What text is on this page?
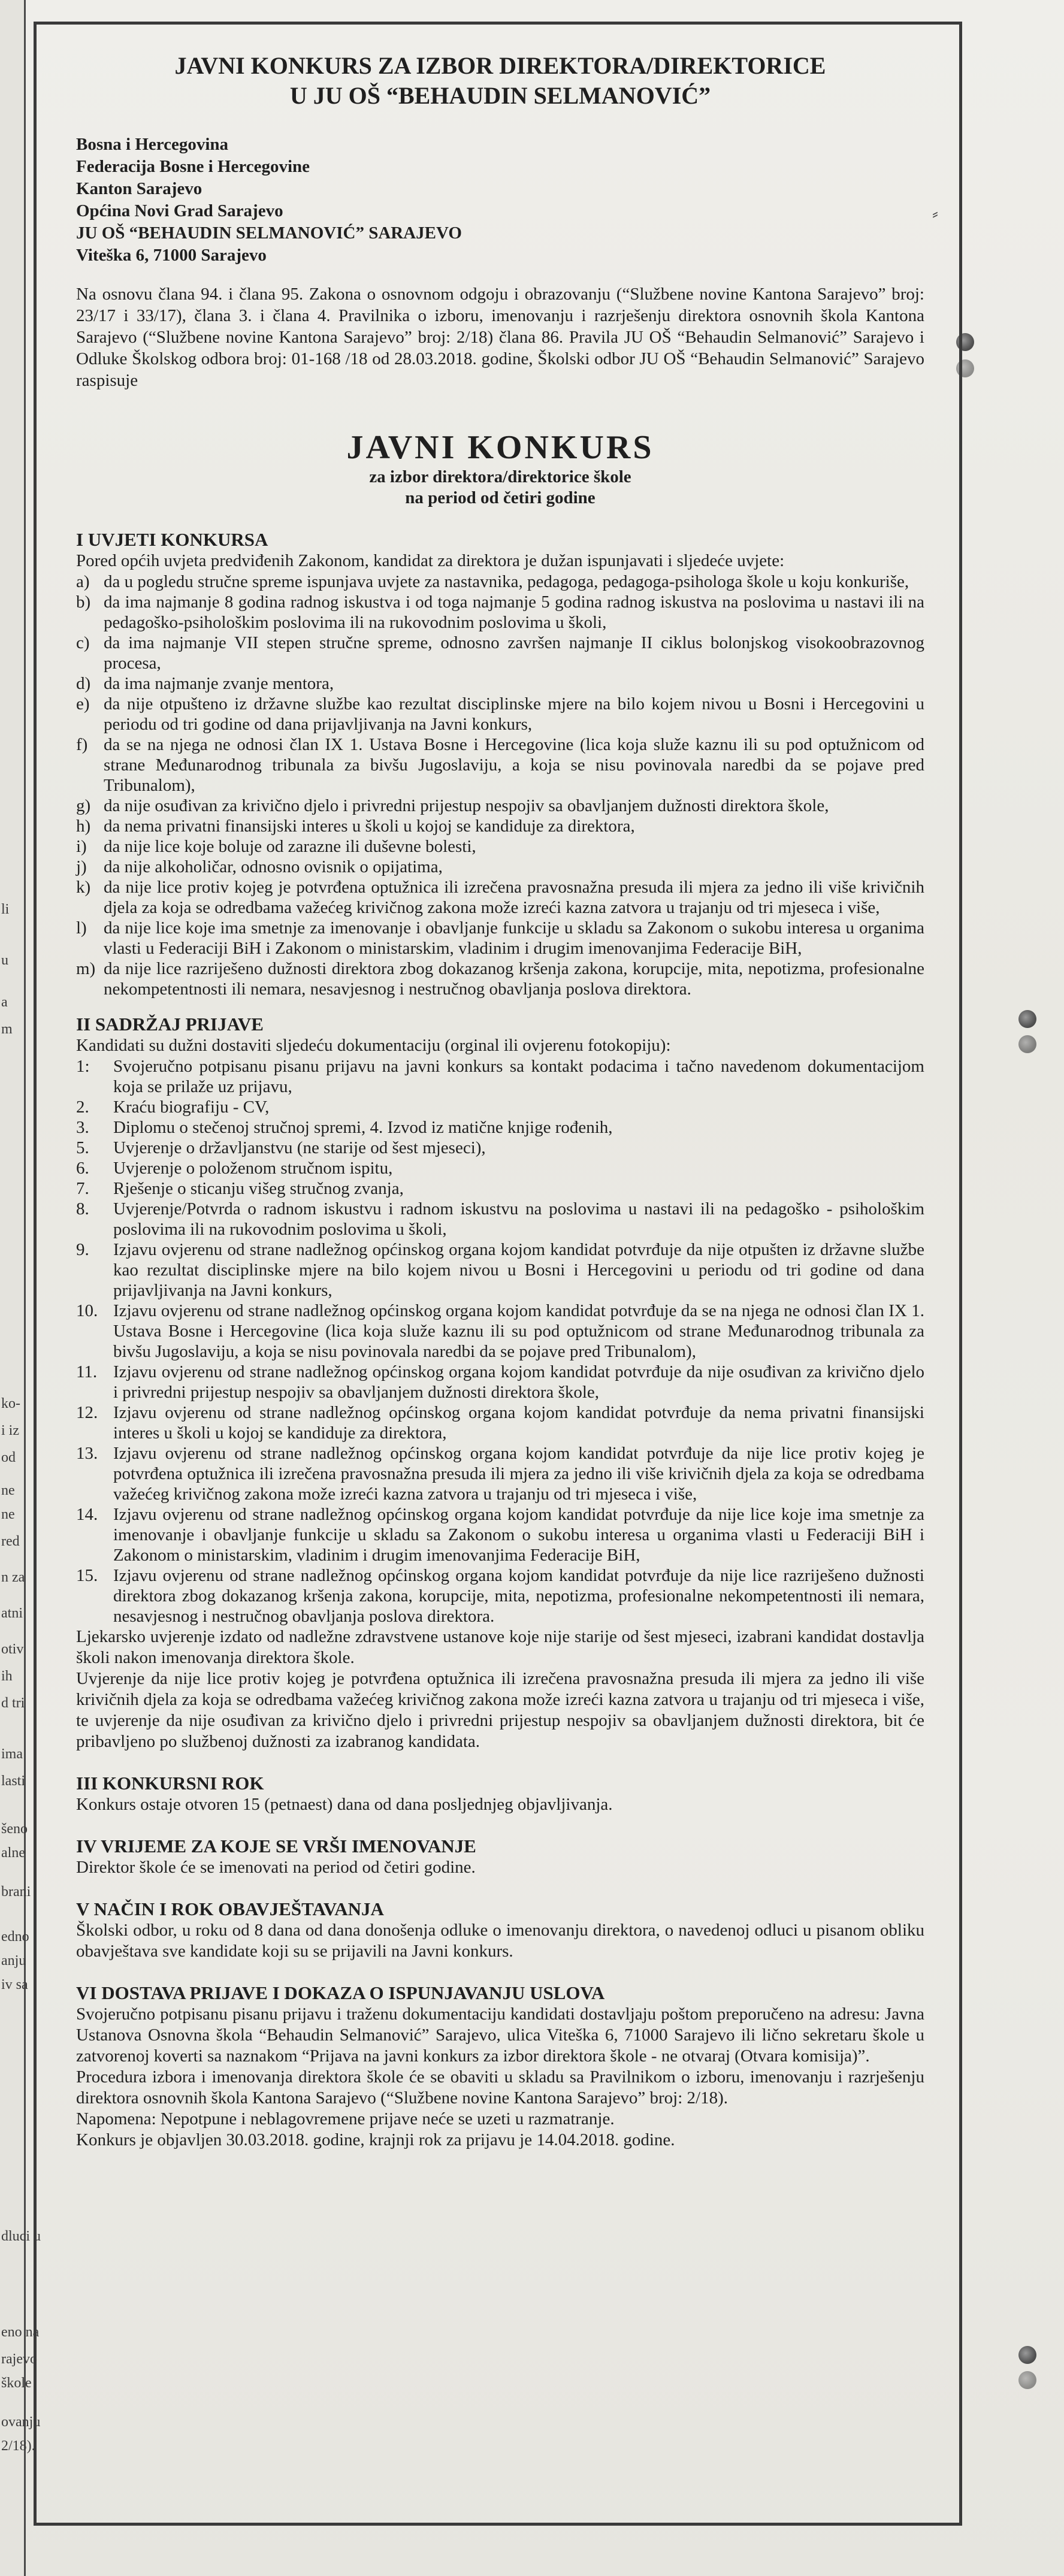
li
u
a
m
ko-
i iz
od
ne
ne
red
n za
atni
otiv
ih
d tri
ima
lasti
šeno
alne
brani
edno
anju
iv sa
dluci u
eno na
rajevo
škole
ovanju
2/18).
⸗
JAVNI KONKURS ZA IZBOR DIREKTORA/DIREKTORICE
U JU OŠ “BEHAUDIN SELMANOVIĆ”
Bosna i Hercegovina
Federacija Bosne i Hercegovine
Kanton Sarajevo
Općina Novi Grad Sarajevo
JU OŠ “BEHAUDIN SELMANOVIĆ” SARAJEVO
Viteška 6, 71000 Sarajevo
Na osnovu člana 94. i člana 95. Zakona o osnovnom odgoju i obrazovanju (“Službene novine Kantona Sarajevo” broj: 23/17 i 33/17), člana 3. i člana 4. Pravilnika o izboru, imenovanju i razrješenju direktora osnovnih škola Kantona Sarajevo (“Službene novine Kantona Sarajevo” broj: 2/18) člana 86. Pravila JU OŠ “Behaudin Selmanović” Sarajevo i Odluke Školskog odbora broj: 01-168 /18 od 28.03.2018. godine, Školski odbor JU OŠ “Behaudin Selmanović” Sarajevo raspisuje
JAVNI KONKURS
za izbor direktora/direktorice škole
na period od četiri godine
I UVJETI KONKURSA
Pored općih uvjeta predviđenih Zakonom, kandidat za direktora je dužan ispunjavati i sljedeće uvjete:
a) da u pogledu stručne spreme ispunjava uvjete za nastavnika, pedagoga, pedagoga-psihologa škole u koju konkuriše,
b) da ima najmanje 8 godina radnog iskustva i od toga najmanje 5 godina radnog iskustva na poslovima u nastavi ili na pedagoško-psihološkim poslovima ili na rukovodnim poslovima u školi,
c) da ima najmanje VII stepen stručne spreme, odnosno završen najmanje II ciklus bolonjskog visokoobrazovnog procesa,
d) da ima najmanje zvanje mentora,
e) da nije otpušteno iz državne službe kao rezultat disciplinske mjere na bilo kojem nivou u Bosni i Hercegovini u periodu od tri godine od dana prijavljivanja na Javni konkurs,
f) da se na njega ne odnosi član IX 1. Ustava Bosne i Hercegovine (lica koja služe kaznu ili su pod optužnicom od strane Međunarodnog tribunala za bivšu Jugoslaviju, a koja se nisu povinovala naredbi da se pojave pred Tribunalom),
g) da nije osuđivan za krivično djelo i privredni prijestup nespojiv sa obavljanjem dužnosti direktora škole,
h) da nema privatni finansijski interes u školi u kojoj se kandiduje za direktora,
i) da nije lice koje boluje od zarazne ili duševne bolesti,
j) da nije alkoholičar, odnosno ovisnik o opijatima,
k) da nije lice protiv kojeg je potvrđena optužnica ili izrečena pravosnažna presuda ili mjera za jedno ili više krivičnih djela za koja se odredbama važećeg krivičnog zakona može izreći kazna zatvora u trajanju od tri mjeseca i više,
l) da nije lice koje ima smetnje za imenovanje i obavljanje funkcije u skladu sa Zakonom o sukobu interesa u organima vlasti u Federaciji BiH i Zakonom o ministarskim, vladinim i drugim imenovanjima Federacije BiH,
m) da nije lice razriješeno dužnosti direktora zbog dokazanog kršenja zakona, korupcije, mita, nepotizma, profesionalne nekompetentnosti ili nemara, nesavjesnog i nestručnog obavljanja poslova direktora.
II SADRŽAJ PRIJAVE
Kandidati su dužni dostaviti sljedeću dokumentaciju (orginal ili ovjerenu fotokopiju):
1:	Svojeručno potpisanu pisanu prijavu na javni konkurs sa kontakt podacima i tačno navedenom dokumentacijom koja se prilaže uz prijavu,
2.	Kraću biografiju - CV,
3.	Diplomu o stečenoj stručnoj spremi, 4. Izvod iz matične knjige rođenih,
5.	Uvjerenje o državljanstvu (ne starije od šest mjeseci),
6.	Uvjerenje o položenom stručnom ispitu,
7.	Rješenje o sticanju višeg stručnog zvanja,
8.	Uvjerenje/Potvrda o radnom iskustvu i radnom iskustvu na poslovima u nastavi ili na pedagoško - psihološkim poslovima ili na rukovodnim poslovima u školi,
9.	Izjavu ovjerenu od strane nadležnog općinskog organa kojom kandidat potvrđuje da nije otpušten iz državne službe kao rezultat disciplinske mjere na bilo kojem nivou u Bosni i Hercegovini u periodu od tri godine od dana prijavljivanja na Javni konkurs,
10. Izjavu ovjerenu od strane nadležnog općinskog organa kojom kandidat potvrđuje da se na njega ne odnosi član IX 1. Ustava Bosne i Hercegovine (lica koja služe kaznu ili su pod optužnicom od strane Međunarodnog tribunala za bivšu Jugoslaviju, a koja se nisu povinovala naredbi da se pojave pred Tribunalom),
11. Izjavu ovjerenu od strane nadležnog općinskog organa kojom kandidat potvrđuje da nije osuđivan za krivično djelo i privredni prijestup nespojiv sa obavljanjem dužnosti direktora škole,
12. Izjavu ovjerenu od strane nadležnog općinskog organa kojom kandidat potvrđuje da nema privatni finansijski interes u školi u kojoj se kandiduje za direktora,
13. Izjavu ovjerenu od strane nadležnog općinskog organa kojom kandidat potvrđuje da nije lice protiv kojeg je potvrđena optužnica ili izrečena pravosnažna presuda ili mjera za jedno ili više krivičnih djela za koja se odredbama važećeg krivičnog zakona može izreći kazna zatvora u trajanju od tri mjeseca i više,
14. Izjavu ovjerenu od strane nadležnog općinskog organa kojom kandidat potvrđuje da nije lice koje ima smetnje za imenovanje i obavljanje funkcije u skladu sa Zakonom o sukobu interesa u organima vlasti u Federaciji BiH i Zakonom o ministarskim, vladinim i drugim imenovanjima Federacije BiH,
15. Izjavu ovjerenu od strane nadležnog općinskog organa kojom kandidat potvrđuje da nije lice razriješeno dužnosti direktora zbog dokazanog kršenja zakona, korupcije, mita, nepotizma, profesionalne nekompetentnosti ili nemara, nesavjesnog i nestručnog obavljanja poslova direktora.
Ljekarsko uvjerenje izdato od nadležne zdravstvene ustanove koje nije starije od šest mjeseci, izabrani kandidat dostavlja školi nakon imenovanja direktora škole.
Uvjerenje da nije lice protiv kojeg je potvrđena optužnica ili izrečena pravosnažna presuda ili mjera za jedno ili više krivičnih djela za koja se odredbama važećeg krivičnog zakona može izreći kazna zatvora u trajanju od tri mjeseca i više, te uvjerenje da nije osuđivan za krivično djelo i privredni prijestup nespojiv sa obavljanjem dužnosti direktora, bit će pribavljeno po službenoj dužnosti za izabranog kandidata.
III KONKURSNI ROK
Konkurs ostaje otvoren 15 (petnaest) dana od dana posljednjeg objavljivanja.
IV VRIJEME ZA KOJE SE VRŠI IMENOVANJE
Direktor škole će se imenovati na period od četiri godine.
V NAČIN I ROK OBAVJEŠTAVANJA
Školski odbor, u roku od 8 dana od dana donošenja odluke o imenovanju direktora, o navedenoj odluci u pisanom obliku obavještava sve kandidate koji su se prijavili na Javni konkurs.
VI DOSTAVA PRIJAVE I DOKAZA O ISPUNJAVANJU USLOVA
Svojeručno potpisanu pisanu prijavu i traženu dokumentaciju kandidati dostavljaju poštom preporučeno na adresu: Javna Ustanova Osnovna škola “Behaudin Selmanović” Sarajevo, ulica Viteška 6, 71000 Sarajevo ili lično sekretaru škole u zatvorenoj koverti sa naznakom “Prijava na javni konkurs za izbor direktora škole - ne otvaraj (Otvara komisija)”.
Procedura izbora i imenovanja direktora škole će se obaviti u skladu sa Pravilnikom o izboru, imenovanju i razrješenju direktora osnovnih škola Kantona Sarajevo (“Službene novine Kantona Sarajevo” broj: 2/18).
Napomena: Nepotpune i neblagovremene prijave neće se uzeti u razmatranje.
Konkurs je objavljen 30.03.2018. godine, krajnji rok za prijavu je 14.04.2018. godine.
